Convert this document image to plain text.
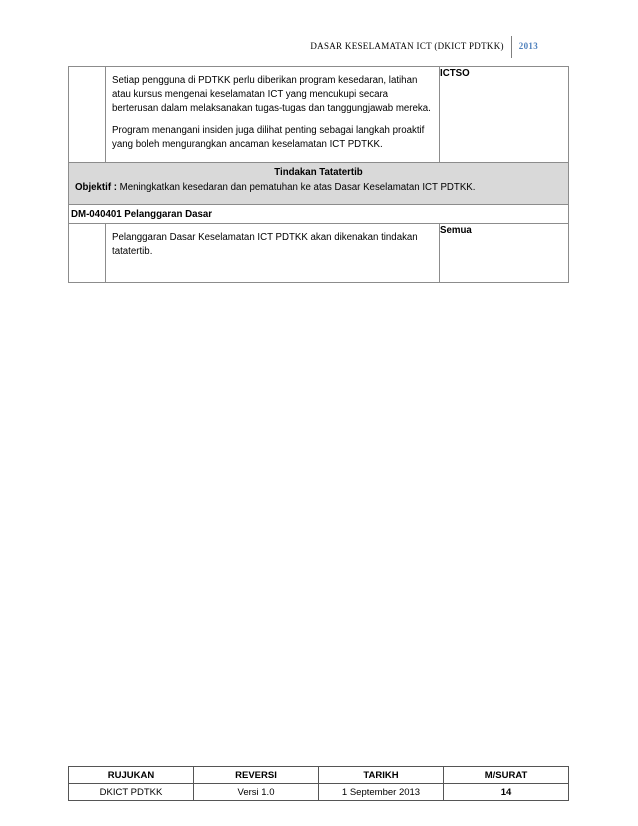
DASAR KESELAMATAN ICT (DKICT PDTKK)	2013

	Setiap pengguna di PDTKK perlu diberikan program kesedaran, latihan atau kursus mengenai keselamatan ICT yang mencukupi secara berterusan dalam melaksanakan tugas-tugas dan tanggungjawab mereka.

Program menangani insiden juga dilihat penting sebagai langkah proaktif yang boleh mengurangkan ancaman keselamatan ICT PDTKK.	ICTSO

Tindakan Tatatertib
Objektif : Meningkatkan kesedaran dan pematuhan ke atas Dasar Keselamatan ICT PDTKK.		

DM-040401 Pelanggaran Dasar		

	Pelanggaran Dasar Keselamatan ICT PDTKK akan dikenakan tindakan tatatertib.	Semua
RUJUKAN	REVERSI	TARIKH	M/SURAT
DKICT PDTKK	Versi 1.0	1 September 2013	14
